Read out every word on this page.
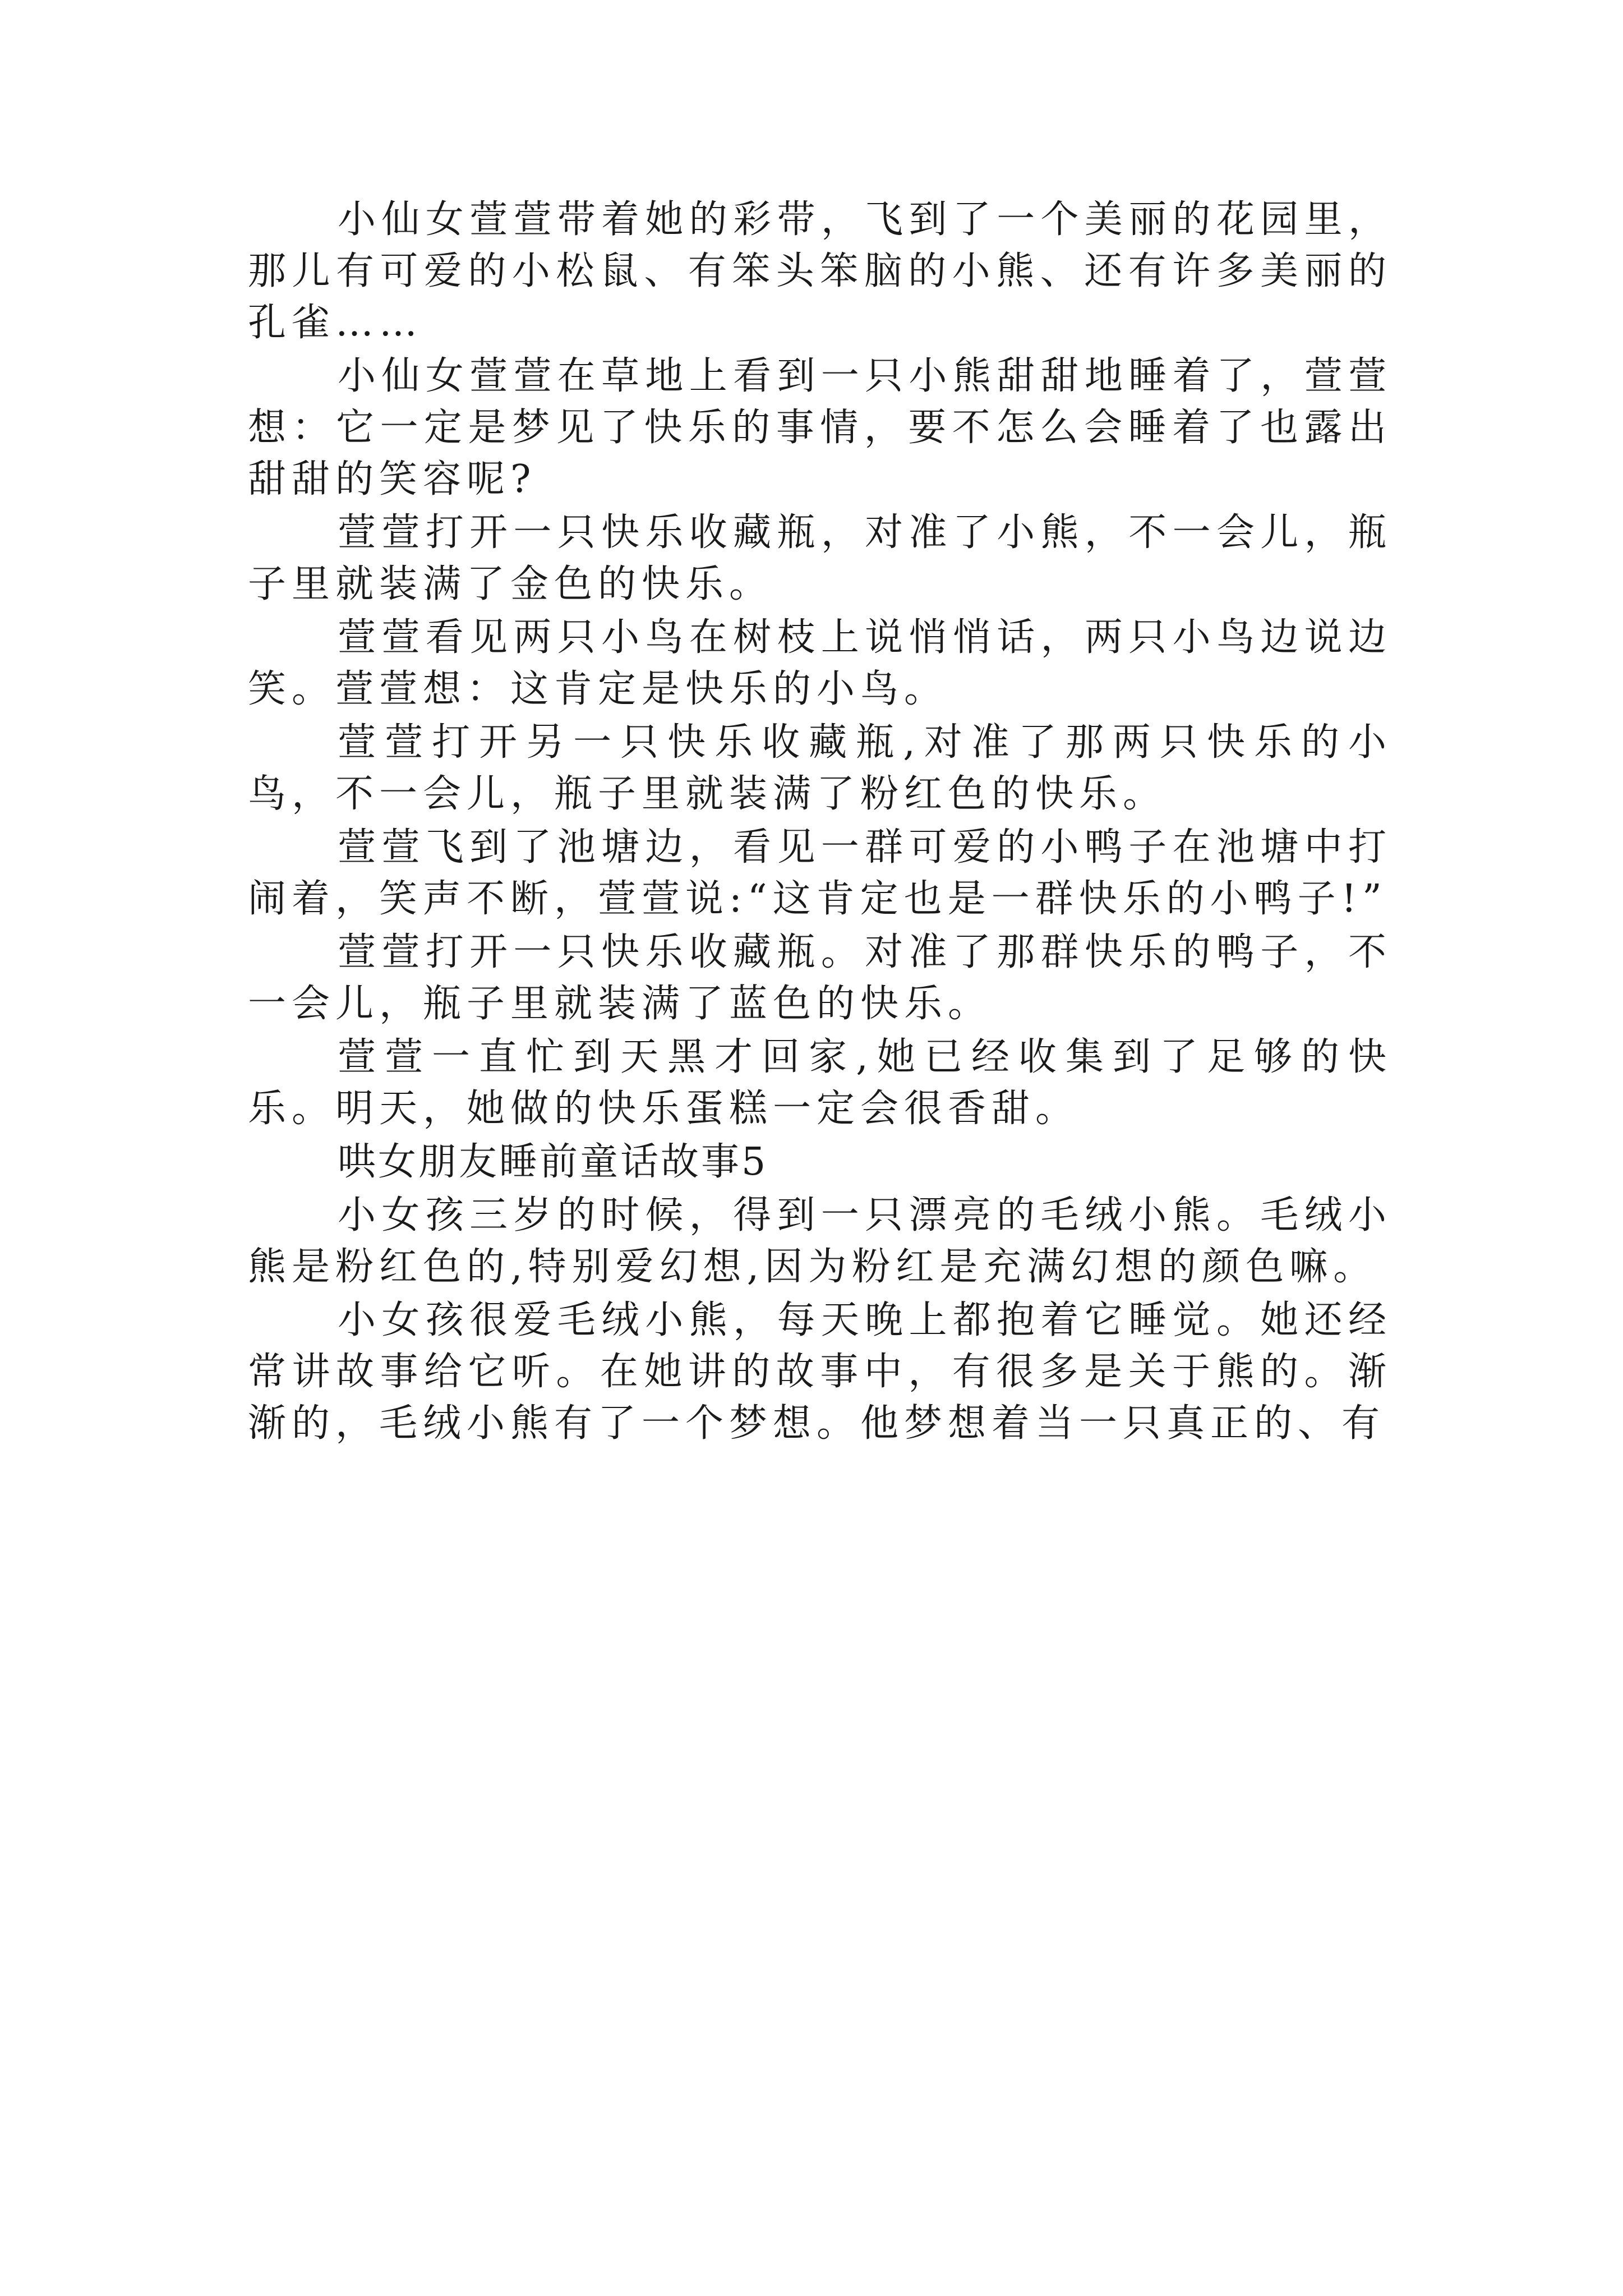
小仙女萱萱带着她的彩带，飞到了一个美丽的花园里，那儿有可爱的小松鼠、有笨头笨脑的小熊、还有许多美丽的孔雀……

小仙女萱萱在草地上看到一只小熊甜甜地睡着了，萱萱想：它一定是梦见了快乐的事情，要不怎么会睡着了也露出甜甜的笑容呢?

萱萱打开一只快乐收藏瓶，对准了小熊，不一会儿，瓶子里就装满了金色的快乐。

萱萱看见两只小鸟在树枝上说悄悄话，两只小鸟边说边笑。萱萱想：这肯定是快乐的小鸟。

萱萱打开另一只快乐收藏瓶,对准了那两只快乐的小鸟，不一会儿，瓶子里就装满了粉红色的快乐。

萱萱飞到了池塘边，看见一群可爱的小鸭子在池塘中打闹着，笑声不断，萱萱说:“这肯定也是一群快乐的小鸭子!”

萱萱打开一只快乐收藏瓶。对准了那群快乐的鸭子，不一会儿，瓶子里就装满了蓝色的快乐。

萱萱一直忙到天黑才回家,她已经收集到了足够的快乐。明天，她做的快乐蛋糕一定会很香甜。

哄女朋友睡前童话故事5

小女孩三岁的时候，得到一只漂亮的毛绒小熊。毛绒小熊是粉红色的,特别爱幻想,因为粉红是充满幻想的颜色嘛。

小女孩很爱毛绒小熊，每天晚上都抱着它睡觉。她还经常讲故事给它听。在她讲的故事中，有很多是关于熊的。渐渐的，毛绒小熊有了一个梦想。他梦想着当一只真正的、有
